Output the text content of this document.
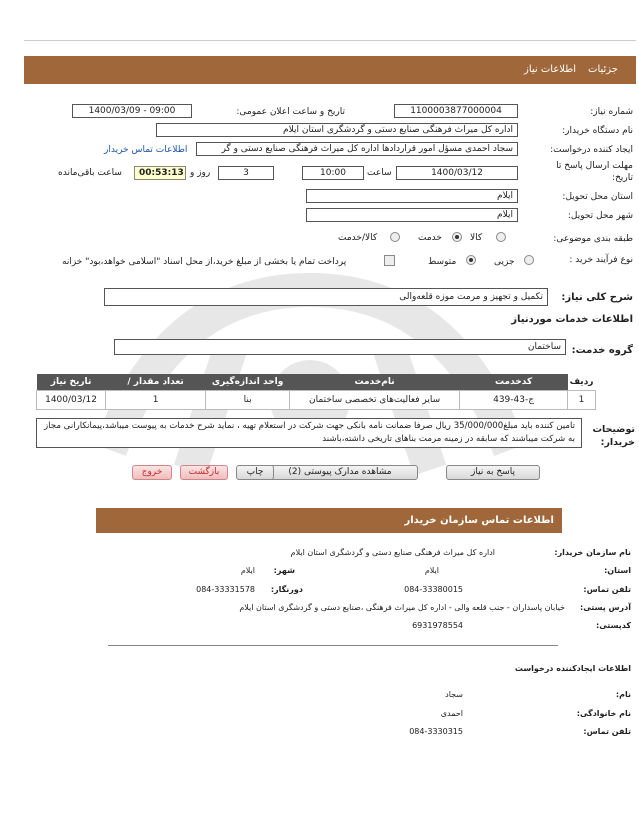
جزئیات
اطلاعات نیاز
شماره نیاز:
1100003877000004
تاریخ و ساعت اعلان عمومی:
1400/03/09 - 09:00
نام دستگاه خریدار:
اداره کل میراث فرهنگی صنایع دستی و گردشگری استان ایلام
ایجاد کننده درخواست:
سجاد احمدی مسؤل امور قراردادها اداره کل میراث فرهنگی صنایع دستی و گر
اطلاعات تماس خریدار
مهلت ارسال پاسخ تا تاریخ:
1400/03/12
ساعت
10:00
3
روز و
00:53:13
ساعت باقی‌مانده
استان محل تحویل:
ایلام
شهر محل تحویل:
ایلام
طبقه بندی موضوعی:
کالا
خدمت
کالا/خدمت
نوع فرآیند خرید :
جزیی
متوسط
پرداخت تمام یا بخشی از مبلغ خرید،از محل اسناد "اسلامی خواهد،بود" خزانه
شرح کلی نیاز:
تکمیل و تجهیز و مرمت موزه قلعه‌والی
اطلاعات خدمات موردنیاز
گروه خدمت:
ساختمان
ردیف	کدخدمت	نام‌خدمت	واحد اندازه‌گیری	تعداد مقدار /	تاریخ نیاز
1	ج-43-439	سایر فعالیت‌های تخصصی ساختمان	بنا	1	1400/03/12
توضیحات خریدار:
تامین کننده باید مبلغ35/000/000 ریال صرفا ضمانت نامه بانکی جهت شرکت در استعلام تهیه ، نماید شرح خدمات به پیوست میباشد،پیمانکارانی مجاز به شرکت میباشند که سابقه در زمینه مرمت بناهای تاریخی داشته،باشند
پاسخ به نیاز
مشاهده مدارک پیوستی (2)
چاپ
بازگشت
خروج
اطلاعات تماس سازمان خریدار
نام سازمان خریدار:
اداره کل میراث فرهنگی صنایع دستی و گردشگری استان ایلام
استان:
ایلام
شهر:
ایلام
تلفن تماس:
084-33380015
دورنگار:
084-33331578
آدرس پستی:
خیابان پاسداران - جنب قلعه والی - اداره کل میراث فرهنگی ،صنایع دستی و گردشگری استان ایلام
کدپستی:
6931978554
اطلاعات ایجادکننده درخواست
نام:
سجاد
نام خانوادگی:
احمدی
تلفن تماس:
084-3330315
